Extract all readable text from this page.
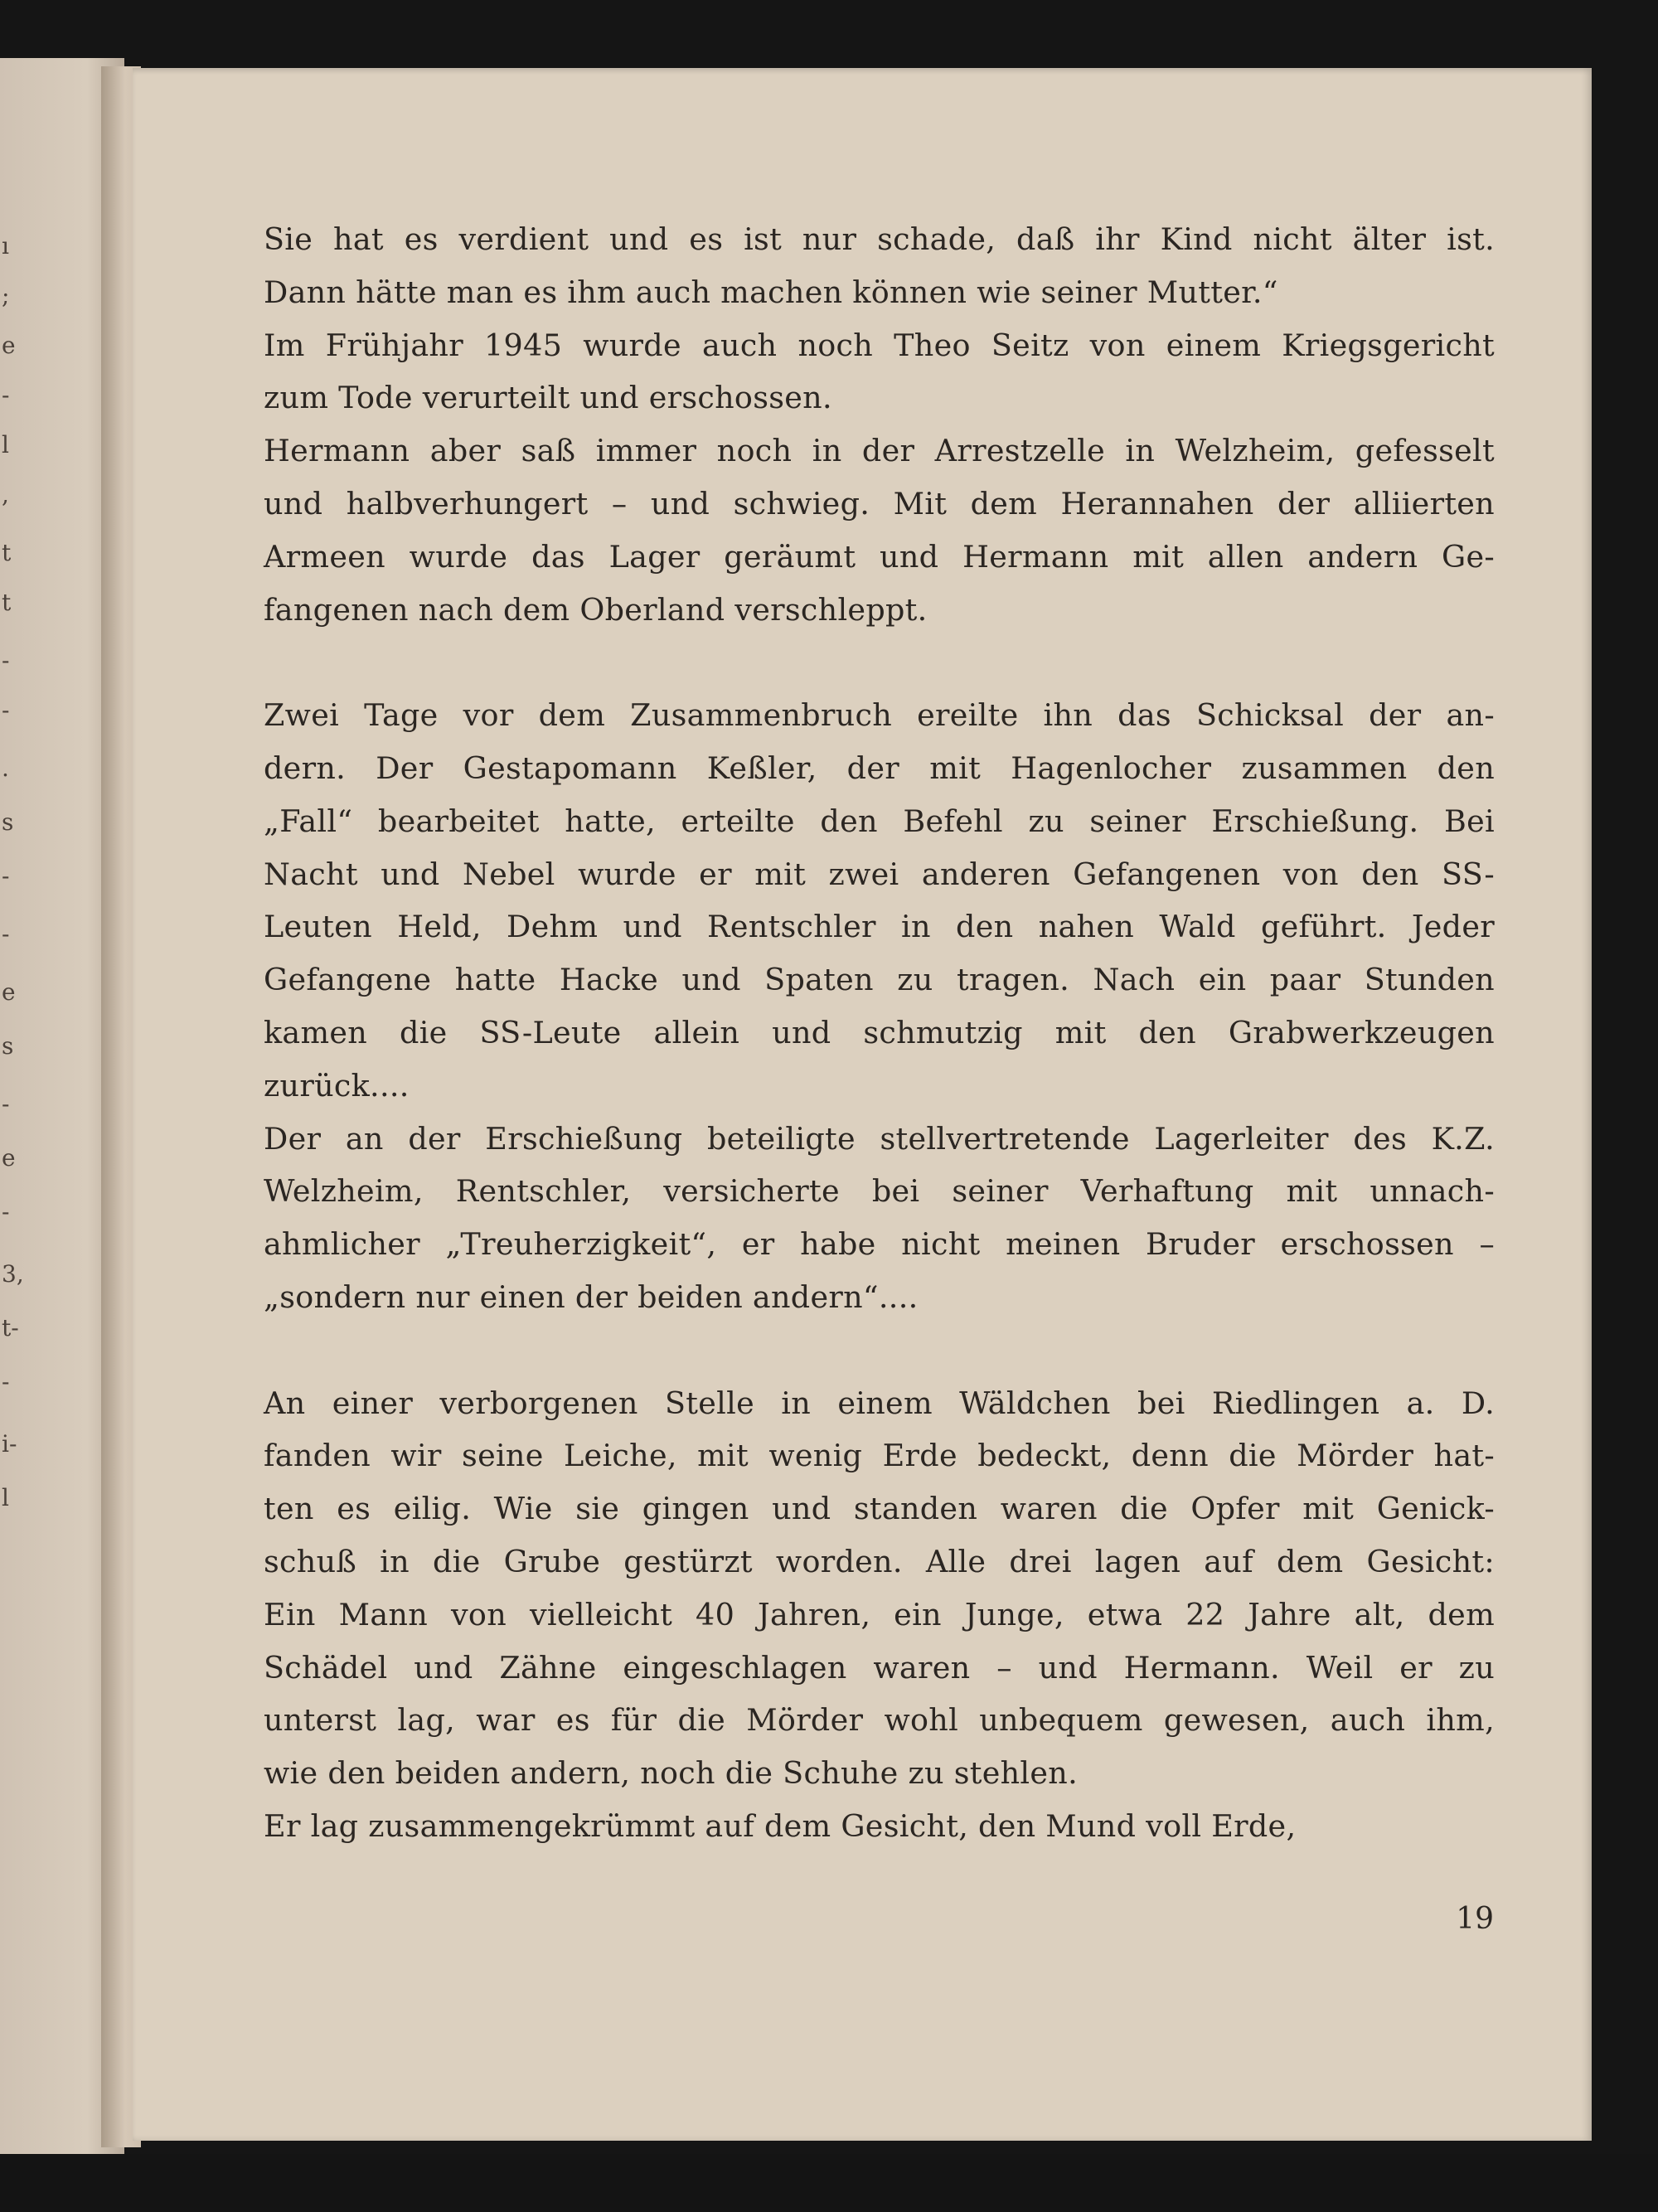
ı
;
e
-
l
,
t
t
-
-
.
s
-
-
e
s
-
e
-
3,
t-
-
i-
l

Sie hat es verdient und es ist nur schade, daß ihr Kind nicht älter ist.
Dann hätte man es ihm auch machen können wie seiner Mutter.“

Im Frühjahr 1945 wurde auch noch Theo Seitz von einem Kriegsgericht
zum Tode verurteilt und erschossen.

Hermann aber saß immer noch in der Arrestzelle in Welzheim, gefesselt
und halbverhungert – und schwieg. Mit dem Herannahen der alliierten
Armeen wurde das Lager geräumt und Hermann mit allen andern Ge-
fangenen nach dem Oberland verschleppt.

Zwei Tage vor dem Zusammenbruch ereilte ihn das Schicksal der an-
dern. Der Gestapomann Keßler, der mit Hagenlocher zusammen den
„Fall“ bearbeitet hatte, erteilte den Befehl zu seiner Erschießung. Bei
Nacht und Nebel wurde er mit zwei anderen Gefangenen von den SS-
Leuten Held, Dehm und Rentschler in den nahen Wald geführt. Jeder
Gefangene hatte Hacke und Spaten zu tragen. Nach ein paar Stunden
kamen die SS-Leute allein und schmutzig mit den Grabwerkzeugen
zurück....

Der an der Erschießung beteiligte stellvertretende Lagerleiter des K.Z.
Welzheim, Rentschler, versicherte bei seiner Verhaftung mit unnach-
ahmlicher „Treuherzigkeit“, er habe nicht meinen Bruder erschossen –
„sondern nur einen der beiden andern“....

An einer verborgenen Stelle in einem Wäldchen bei Riedlingen a. D.
fanden wir seine Leiche, mit wenig Erde bedeckt, denn die Mörder hat-
ten es eilig. Wie sie gingen und standen waren die Opfer mit Genick-
schuß in die Grube gestürzt worden. Alle drei lagen auf dem Gesicht:
Ein Mann von vielleicht 40 Jahren, ein Junge, etwa 22 Jahre alt, dem
Schädel und Zähne eingeschlagen waren – und Hermann. Weil er zu
unterst lag, war es für die Mörder wohl unbequem gewesen, auch ihm,
wie den beiden andern, noch die Schuhe zu stehlen.

Er lag zusammengekrümmt auf dem Gesicht, den Mund voll Erde,

19
